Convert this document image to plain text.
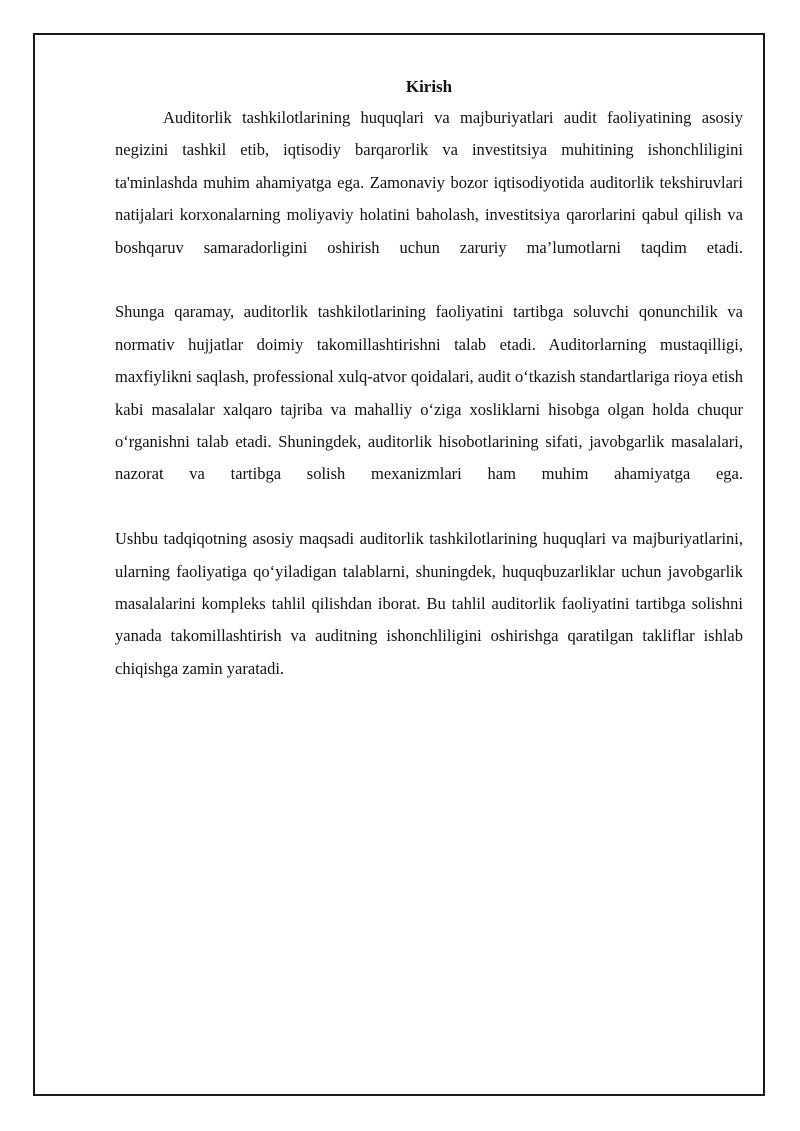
Kirish

Auditorlik tashkilotlarining huquqlari va majburiyatlari audit faoliyatining asosiy negizini tashkil etib, iqtisodiy barqarorlik va investitsiya muhitining ishonchliligini ta'minlashda muhim ahamiyatga ega. Zamonaviy bozor iqtisodiyotida auditorlik tekshiruvlari natijalari korxonalarning moliyaviy holatini baholash, investitsiya qarorlarini qabul qilish va boshqaruv samaradorligini oshirish uchun zaruriy ma’lumotlarni taqdim etadi.

Shunga qaramay, auditorlik tashkilotlarining faoliyatini tartibga soluvchi qonunchilik va normativ hujjatlar doimiy takomillashtirishni talab etadi. Auditorlarning mustaqilligi, maxfiylikni saqlash, professional xulq-atvor qoidalari, audit o‘tkazish standartlariga rioya etish kabi masalalar xalqaro tajriba va mahalliy o‘ziga xosliklarni hisobga olgan holda chuqur o‘rganishni talab etadi. Shuningdek, auditorlik hisobotlarining sifati, javobgarlik masalalari, nazorat va tartibga solish mexanizmlari ham muhim ahamiyatga ega.

Ushbu tadqiqotning asosiy maqsadi auditorlik tashkilotlarining huquqlari va majburiyatlarini, ularning faoliyatiga qo‘yiladigan talablarni, shuningdek, huquqbuzarliklar uchun javobgarlik masalalarini kompleks tahlil qilishdan iborat. Bu tahlil auditorlik faoliyatini tartibga solishni yanada takomillashtirish va auditning ishonchliligini oshirishga qaratilgan takliflar ishlab chiqishga zamin yaratadi.
